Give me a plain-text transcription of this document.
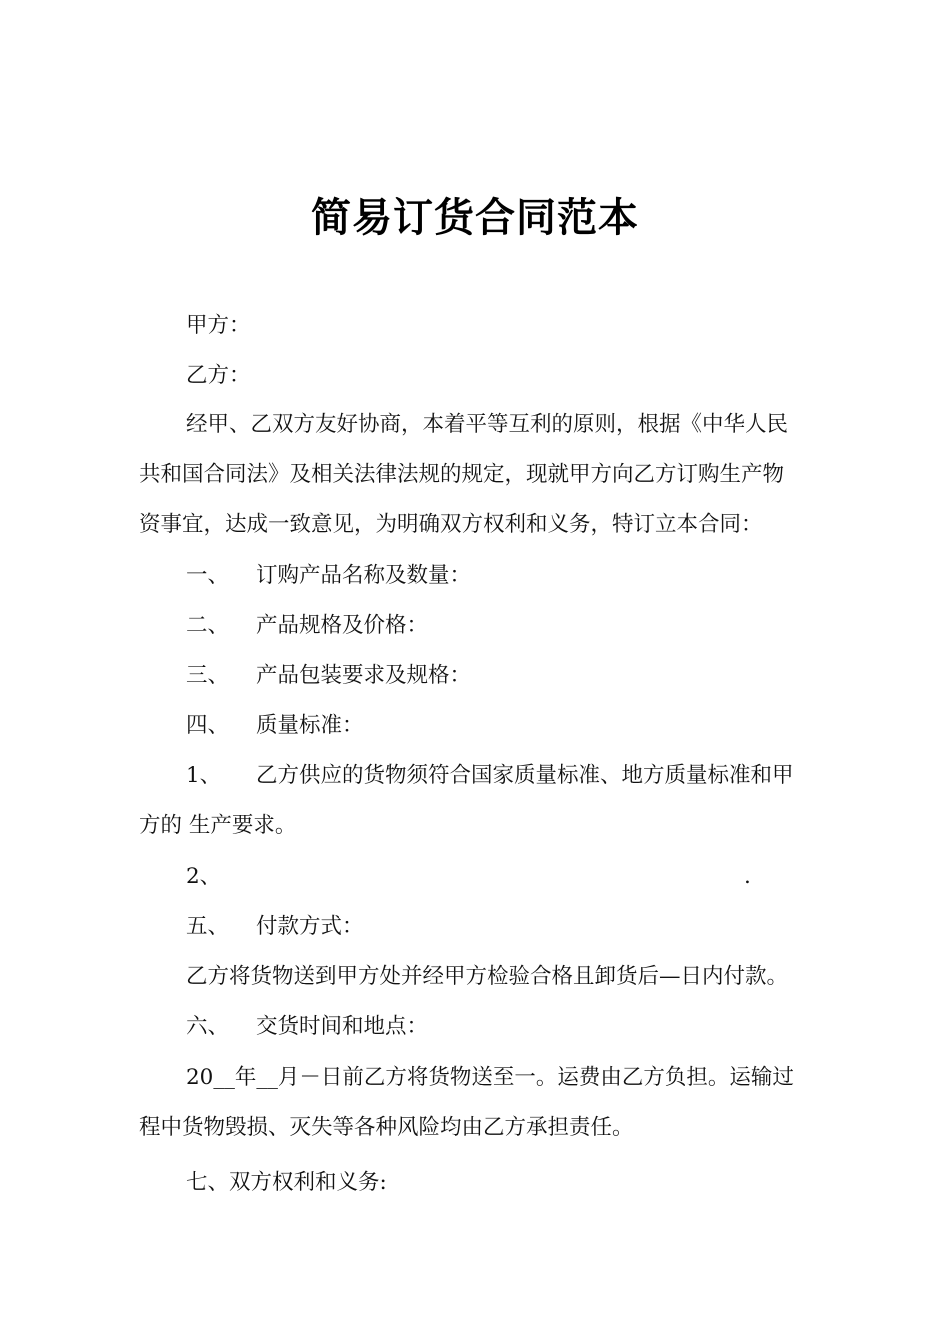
简易订货合同范本
甲方：
乙方：
经甲、乙双方友好协商，本着平等互利的原则，根据《中华人民
共和国合同法》及相关法律法规的规定，现就甲方向乙方订购生产物
资事宜，达成一致意见，为明确双方权利和义务，特订立本合同：
一、 订购产品名称及数量：
二、 产品规格及价格：
三、 产品包装要求及规格：
四、 质量标准：
1、 乙方供应的货物须符合国家质量标准、地方质量标准和甲
方的 生产要求。
2、	.
五、 付款方式：
乙方将货物送到甲方处并经甲方检验合格且卸货后—日内付款。
六、 交货时间和地点：
20__年__月－日前乙方将货物送至一。运费由乙方负担。运输过
程中货物毁损、灭失等各种风险均由乙方承担责任。
七、双方权利和义务:
